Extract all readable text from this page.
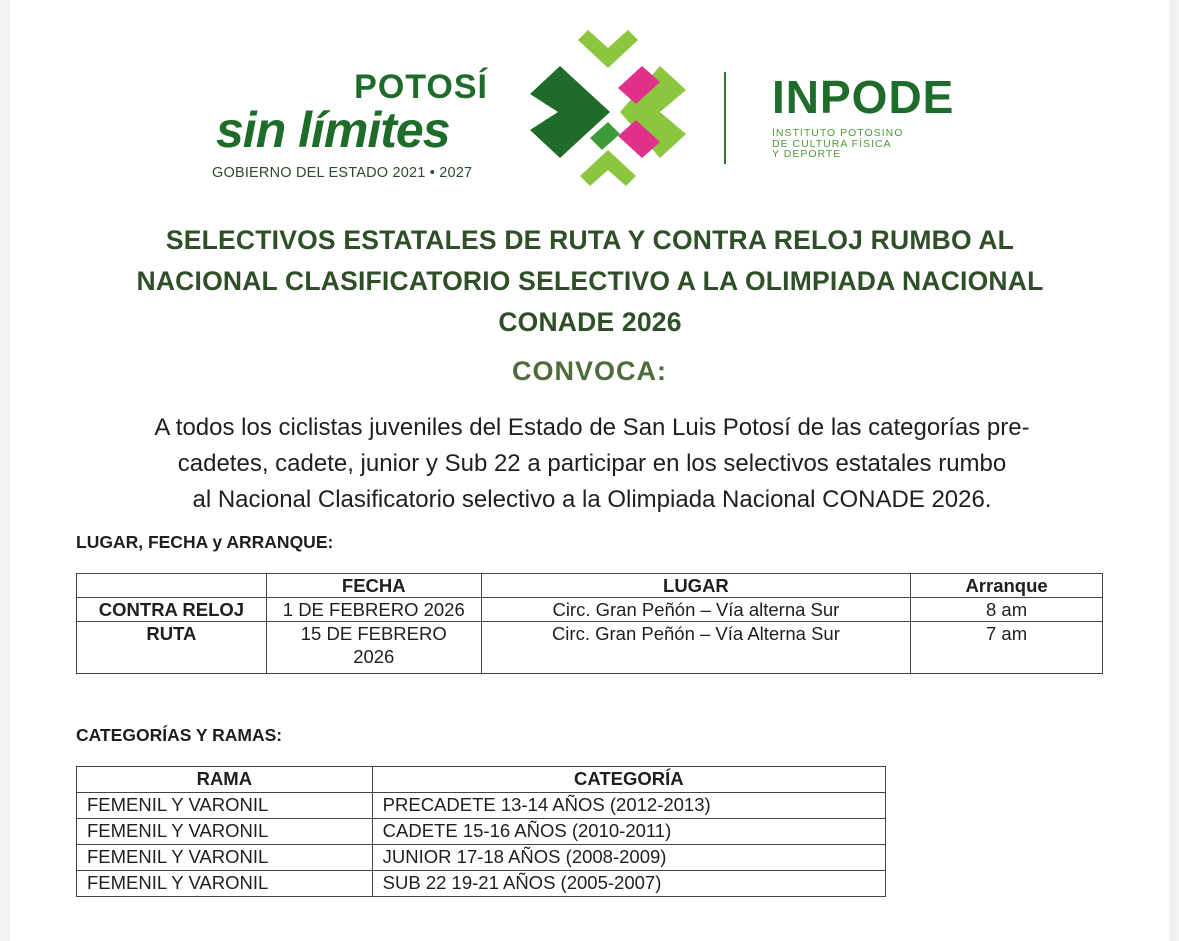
POTOSÍ
sin límites
GOBIERNO DEL ESTADO 2021 • 2027
INPODE
INSTITUTO POTOSINO
DE CULTURA FÍSICA
Y DEPORTE
SELECTIVOS ESTATALES DE RUTA Y CONTRA RELOJ RUMBO AL
NACIONAL CLASIFICATORIO SELECTIVO A LA OLIMPIADA NACIONAL
CONADE 2026
CONVOCA:
A todos los ciclistas juveniles del Estado de San Luis Potosí de las categorías pre-
cadetes, cadete, junior y Sub 22 a participar en los selectivos estatales rumbo
al Nacional Clasificatorio selectivo a la Olimpiada Nacional CONADE 2026.
LUGAR, FECHA y ARRANQUE:
	FECHA	LUGAR	Arranque
CONTRA RELOJ	1 DE FEBRERO 2026	Circ. Gran Peñón – Vía alterna Sur	8 am
RUTA	15 DE FEBRERO 2026	Circ. Gran Peñón – Vía Alterna Sur	7 am
CATEGORÍAS Y RAMAS:
RAMA	CATEGORÍA
FEMENIL Y VARONIL	PRECADETE 13-14 AÑOS (2012-2013)
FEMENIL Y VARONIL	CADETE 15-16 AÑOS (2010-2011)
FEMENIL Y VARONIL	JUNIOR 17-18 AÑOS (2008-2009)
FEMENIL Y VARONIL	SUB 22 19-21 AÑOS (2005-2007)
